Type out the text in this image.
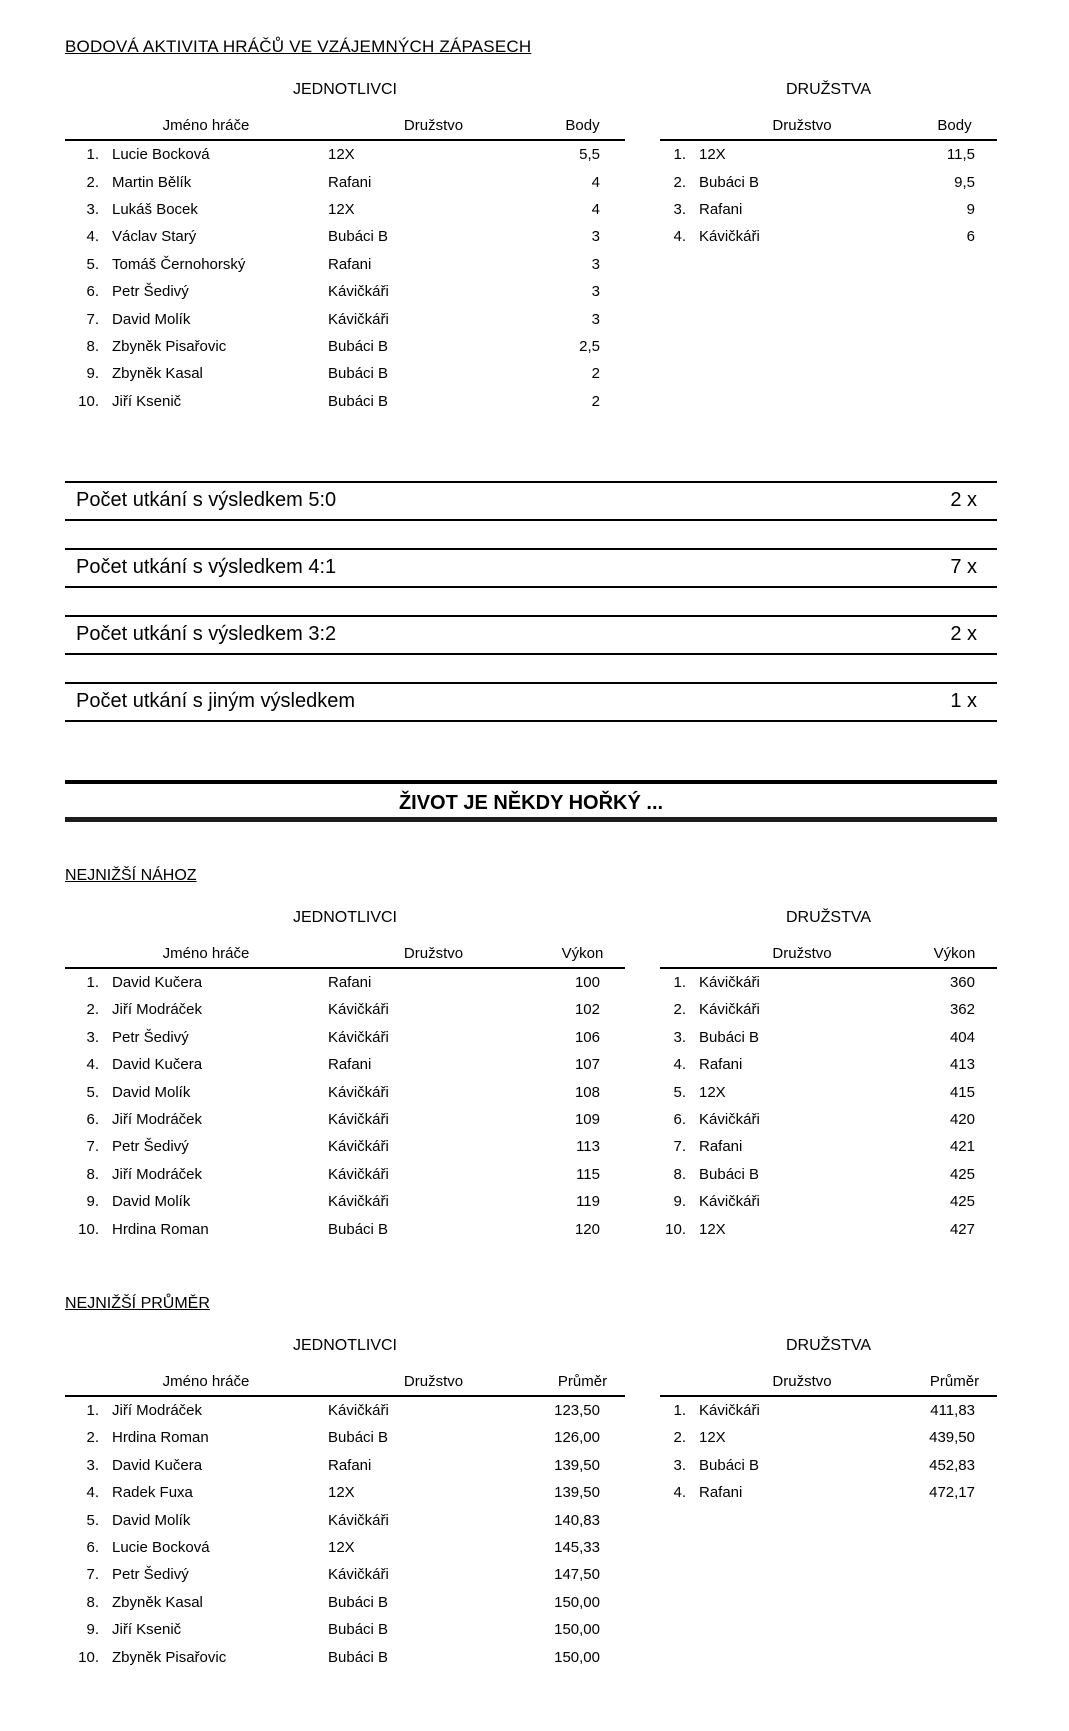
BODOVÁ AKTIVITA HRÁČŮ VE VZÁJEMNÝCH ZÁPASECH
JEDNOTLIVCI
Jméno hráče	Družstvo	Body
1. Lucie Bocková	12X	5,5
2. Martin Bělík	Rafani	4
3. Lukáš Bocek	12X	4
4. Václav Starý	Bubáci B	3
5. Tomáš Černohorský	Rafani	3
6. Petr Šedivý	Kávičkáři	3
7. David Molík	Kávičkáři	3
8. Zbyněk Pisařovic	Bubáci B	2,5
9. Zbyněk Kasal	Bubáci B	2
10. Jiří Ksenič	Bubáci B	2
DRUŽSTVA
Družstvo	Body
1. 12X	11,5
2. Bubáci B	9,5
3. Rafani	9
4. Kávičkáři	6
Počet utkání s výsledkem 5:0	2 x
Počet utkání s výsledkem 4:1	7 x
Počet utkání s výsledkem 3:2	2 x
Počet utkání s jiným výsledkem	1 x
ŽIVOT JE NĚKDY HOŘKÝ ...
NEJNIŽŠÍ NÁHOZ
JEDNOTLIVCI
Jméno hráče	Družstvo	Výkon
1. David Kučera	Rafani	100
2. Jiří Modráček	Kávičkáři	102
3. Petr Šedivý	Kávičkáři	106
4. David Kučera	Rafani	107
5. David Molík	Kávičkáři	108
6. Jiří Modráček	Kávičkáři	109
7. Petr Šedivý	Kávičkáři	113
8. Jiří Modráček	Kávičkáři	115
9. David Molík	Kávičkáři	119
10. Hrdina Roman	Bubáci B	120
DRUŽSTVA
Družstvo	Výkon
1. Kávičkáři	360
2. Kávičkáři	362
3. Bubáci B	404
4. Rafani	413
5. 12X	415
6. Kávičkáři	420
7. Rafani	421
8. Bubáci B	425
9. Kávičkáři	425
10. 12X	427
NEJNIŽŠÍ PRŮMĚR
JEDNOTLIVCI
Jméno hráče	Družstvo	Průměr
1. Jiří Modráček	Kávičkáři	123,50
2. Hrdina Roman	Bubáci B	126,00
3. David Kučera	Rafani	139,50
4. Radek Fuxa	12X	139,50
5. David Molík	Kávičkáři	140,83
6. Lucie Bocková	12X	145,33
7. Petr Šedivý	Kávičkáři	147,50
8. Zbyněk Kasal	Bubáci B	150,00
9. Jiří Ksenič	Bubáci B	150,00
10. Zbyněk Pisařovic	Bubáci B	150,00
DRUŽSTVA
Družstvo	Průměr
1. Kávičkáři	411,83
2. 12X	439,50
3. Bubáci B	452,83
4. Rafani	472,17
